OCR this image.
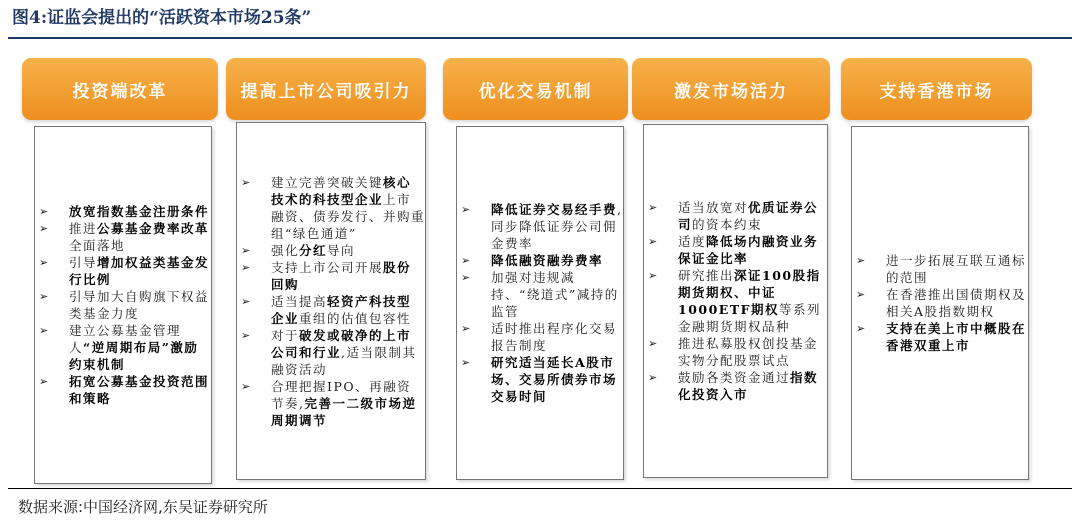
图4:证监会提出的“活跃资本市场25条”
投资端改革
➢ 放宽指数基金注册条件
➢ 推进公募基金费率改革全面落地
➢ 引导增加权益类基金发行比例
➢ 引导加大自购旗下权益类基金力度
➢ 建立公募基金管理人“逆周期布局”激励约束机制
➢ 拓宽公募基金投资范围和策略
提高上市公司吸引力
➢ 建立完善突破关键核心技术的科技型企业上市融资、债券发行、并购重组“绿色通道”
➢ 强化分红导向
➢ 支持上市公司开展股份回购
➢ 适当提高轻资产科技型企业重组的估值包容性
➢ 对于破发或破净的上市公司和行业,适当限制其融资活动
➢ 合理把握IPO、再融资节奏,完善一二级市场逆周期调节
优化交易机制
➢ 降低证券交易经手费,同步降低证券公司佣金费率
➢ 降低融资融券费率
➢ 加强对违规减持、“绕道式”减持的监管
➢ 适时推出程序化交易报告制度
➢ 研究适当延长A股市场、交易所债券市场交易时间
激发市场活力
➢ 适当放宽对优质证券公司的资本约束
➢ 适度降低场内融资业务保证金比率
➢ 研究推出深证100股指期货期权、中证1000ETF期权等系列金融期货期权品种
➢ 推进私募股权创投基金实物分配股票试点
➢ 鼓励各类资金通过指数化投资入市
支持香港市场
➢ 进一步拓展互联互通标的范围
➢ 在香港推出国债期权及相关A股指数期权
➢ 支持在美上市中概股在香港双重上市
数据来源:中国经济网,东吴证券研究所
